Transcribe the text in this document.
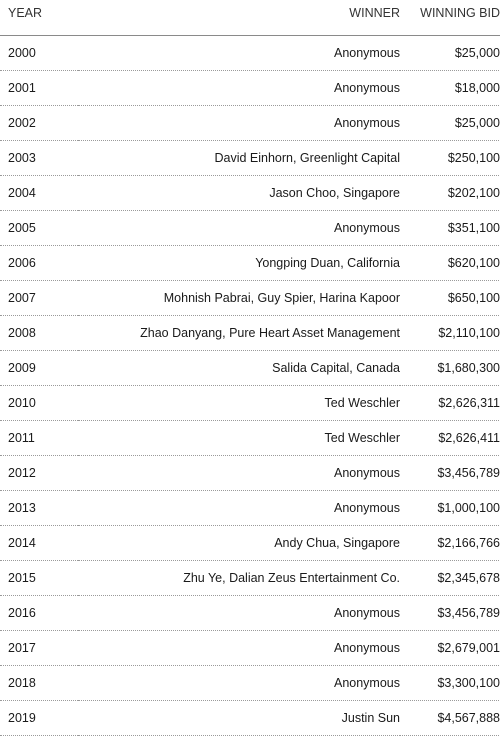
YEAR	WINNER	WINNING BID
2000	Anonymous	$25,000
2001	Anonymous	$18,000
2002	Anonymous	$25,000
2003	David Einhorn, Greenlight Capital	$250,100
2004	Jason Choo, Singapore	$202,100
2005	Anonymous	$351,100
2006	Yongping Duan, California	$620,100
2007	Mohnish Pabrai, Guy Spier, Harina Kapoor	$650,100
2008	Zhao Danyang, Pure Heart Asset Management	$2,110,100
2009	Salida Capital, Canada	$1,680,300
2010	Ted Weschler	$2,626,311
2011	Ted Weschler	$2,626,411
2012	Anonymous	$3,456,789
2013	Anonymous	$1,000,100
2014	Andy Chua, Singapore	$2,166,766
2015	Zhu Ye, Dalian Zeus Entertainment Co.	$2,345,678
2016	Anonymous	$3,456,789
2017	Anonymous	$2,679,001
2018	Anonymous	$3,300,100
2019	Justin Sun	$4,567,888
